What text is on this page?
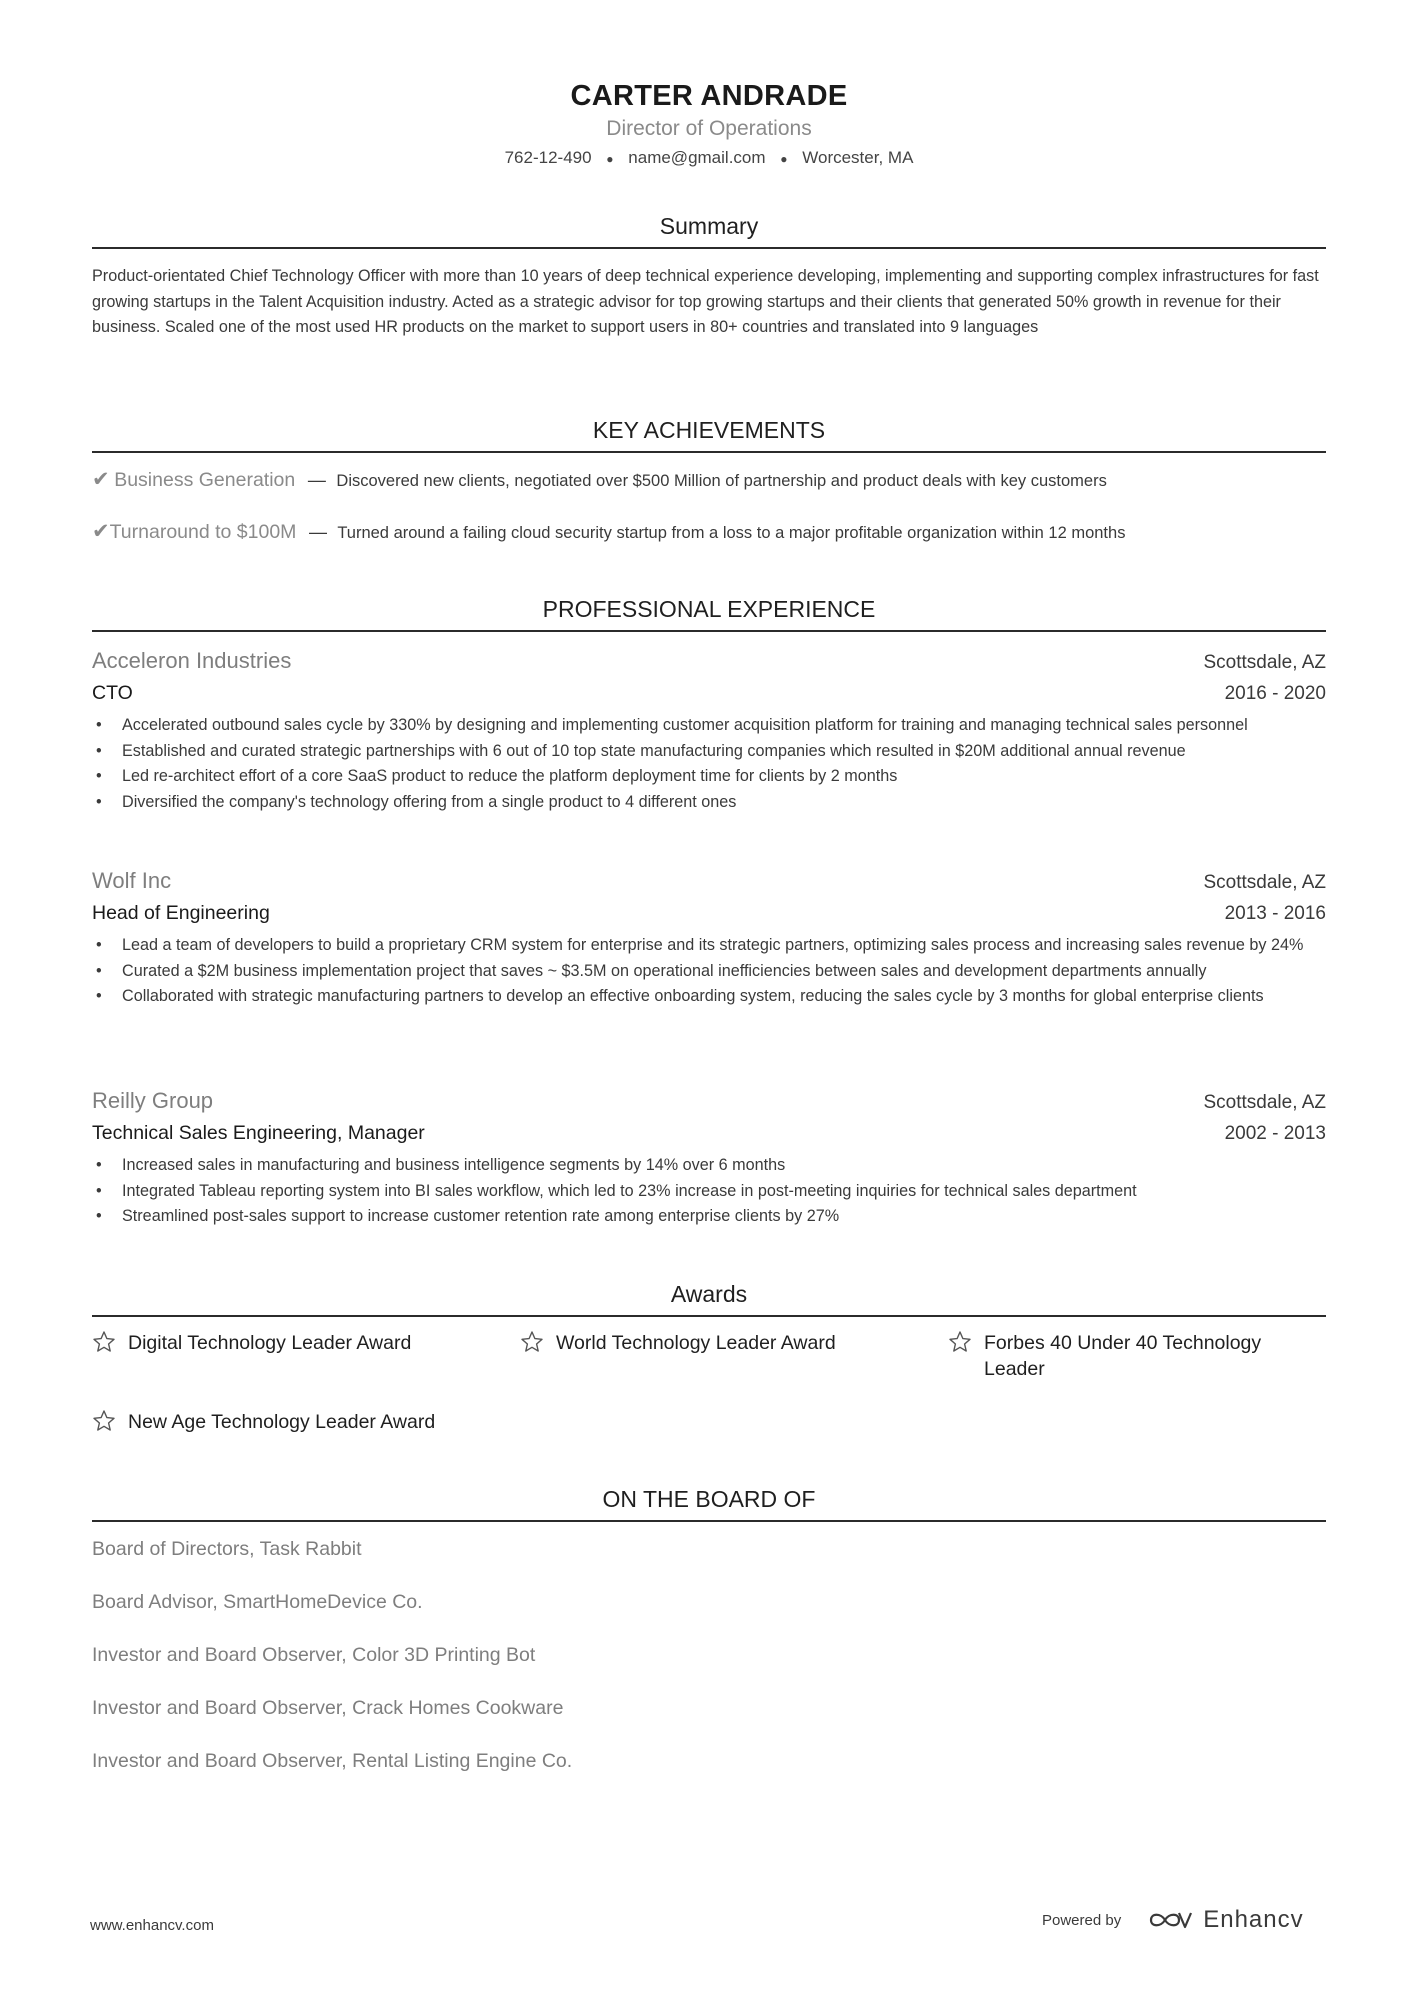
CARTER ANDRADE
Director of Operations
762-12-490 ● name@gmail.com ● Worcester, MA
Summary
Product-orientated Chief Technology Officer with more than 10 years of deep technical experience developing, implementing and supporting complex infrastructures for fast growing startups in the Talent Acquisition industry. Acted as a strategic advisor for top growing startups and their clients that generated 50% growth in revenue for their business. Scaled one of the most used HR products on the market to support users in 80+ countries and translated into 9 languages
KEY ACHIEVEMENTS
✔ Business Generation — Discovered new clients, negotiated over $500 Million of partnership and product deals with key customers
✔Turnaround to $100M — Turned around a failing cloud security startup from a loss to a major profitable organization within 12 months
PROFESSIONAL EXPERIENCE
Acceleron Industries	Scottsdale, AZ
CTO	2016 - 2020
• Accelerated outbound sales cycle by 330% by designing and implementing customer acquisition platform for training and managing technical sales personnel
• Established and curated strategic partnerships with 6 out of 10 top state manufacturing companies which resulted in $20M additional annual revenue
• Led re-architect effort of a core SaaS product to reduce the platform deployment time for clients by 2 months
• Diversified the company's technology offering from a single product to 4 different ones
Wolf Inc	Scottsdale, AZ
Head of Engineering	2013 - 2016
• Lead a team of developers to build a proprietary CRM system for enterprise and its strategic partners, optimizing sales process and increasing sales revenue by 24%
• Curated a $2M business implementation project that saves ~ $3.5M on operational inefficiencies between sales and development departments annually
• Collaborated with strategic manufacturing partners to develop an effective onboarding system, reducing the sales cycle by 3 months for global enterprise clients
Reilly Group	Scottsdale, AZ
Technical Sales Engineering, Manager	2002 - 2013
• Increased sales in manufacturing and business intelligence segments by 14% over 6 months
• Integrated Tableau reporting system into BI sales workflow, which led to 23% increase in post-meeting inquiries for technical sales department
• Streamlined post-sales support to increase customer retention rate among enterprise clients by 27%
Awards
Digital Technology Leader Award	World Technology Leader Award	Forbes 40 Under 40 Technology Leader
New Age Technology Leader Award
ON THE BOARD OF
Board of Directors, Task Rabbit
Board Advisor, SmartHomeDevice Co.
Investor and Board Observer, Color 3D Printing Bot
Investor and Board Observer, Crack Homes Cookware
Investor and Board Observer, Rental Listing Engine Co.
www.enhancv.com	Powered by	Enhancv
